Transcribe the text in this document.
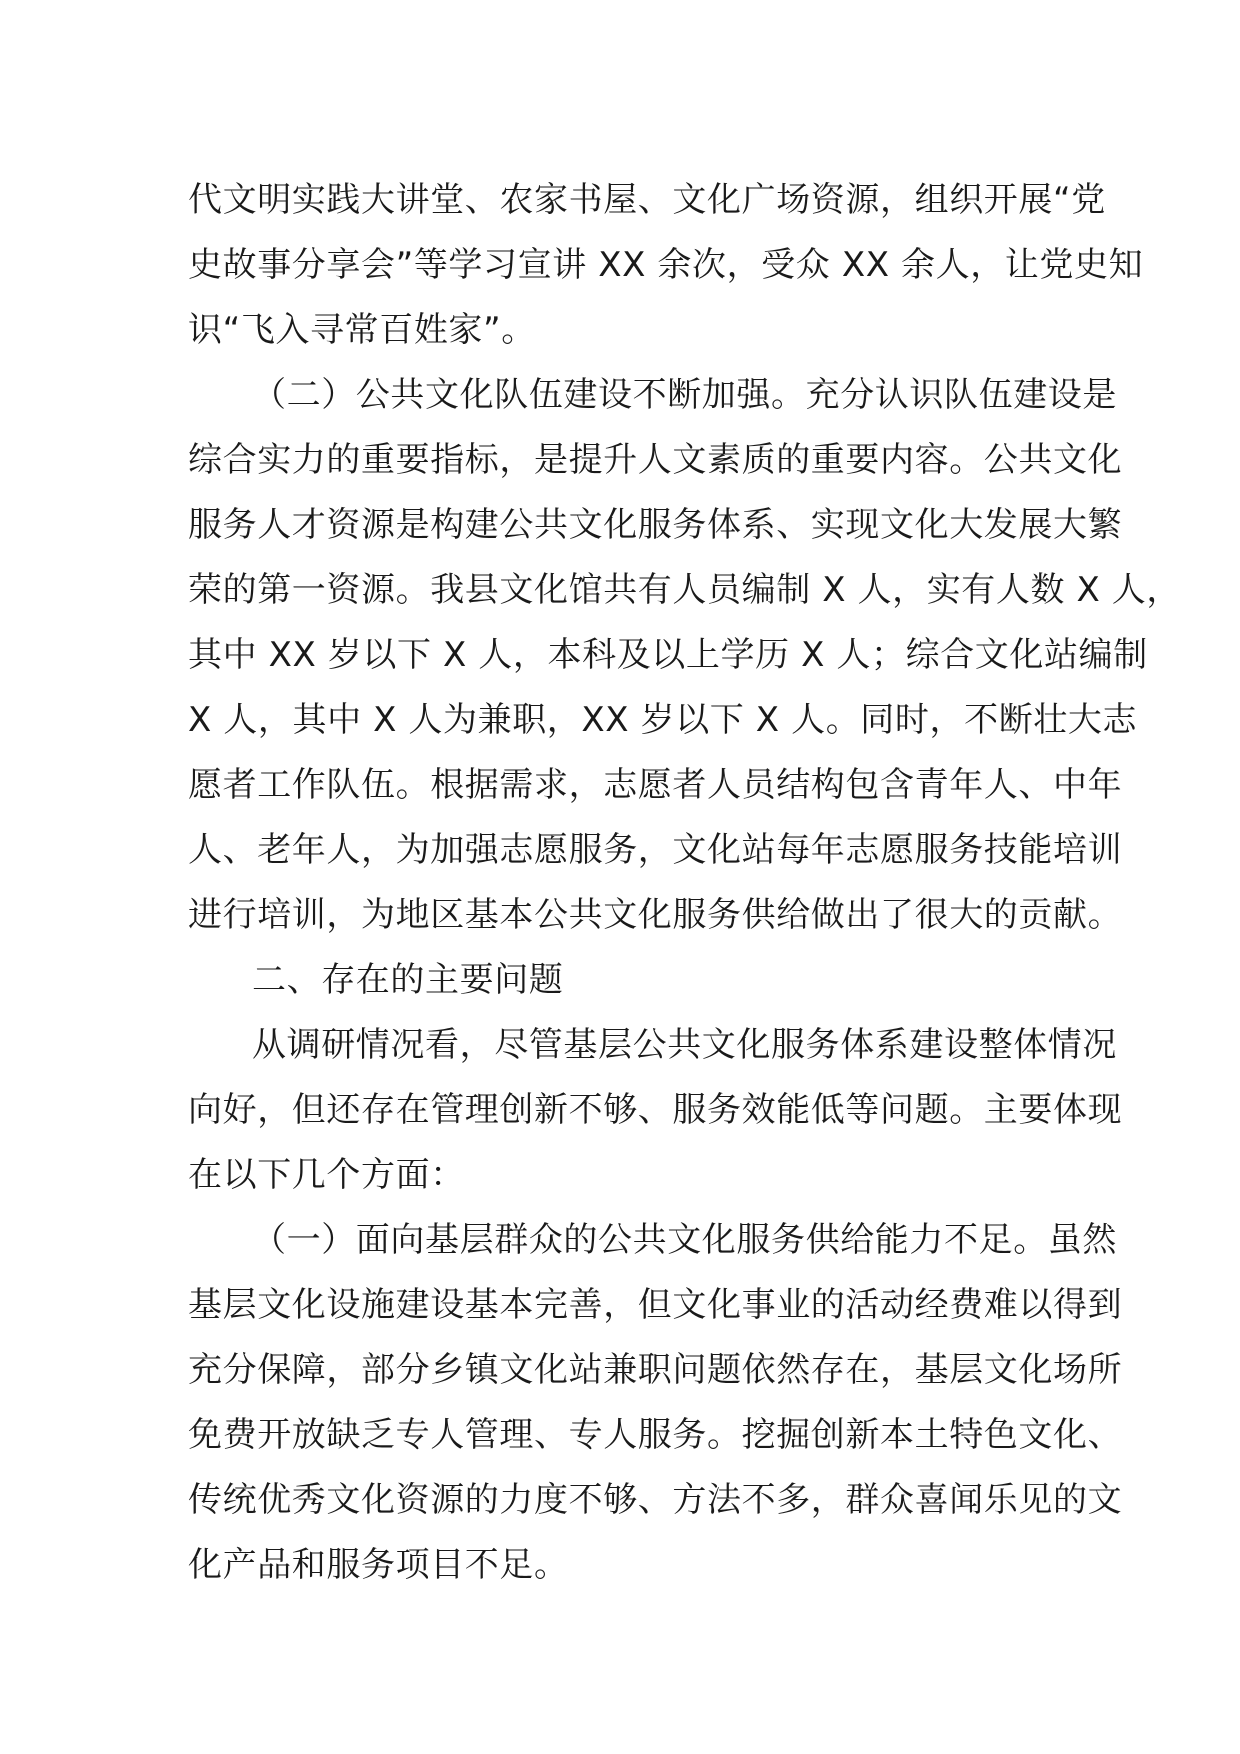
代文明实践大讲堂、农家书屋、文化广场资源，组织开展“党
史故事分享会”等学习宣讲 XX 余次，受众 XX 余人，让党史知
识“飞入寻常百姓家”。
（二）公共文化队伍建设不断加强。充分认识队伍建设是
综合实力的重要指标，是提升人文素质的重要内容。公共文化
服务人才资源是构建公共文化服务体系、实现文化大发展大繁
荣的第一资源。我县文化馆共有人员编制 X 人，实有人数 X 人，
其中 XX 岁以下 X 人，本科及以上学历 X 人；综合文化站编制
X 人，其中 X 人为兼职，XX 岁以下 X 人。同时，不断壮大志
愿者工作队伍。根据需求，志愿者人员结构包含青年人、中年
人、老年人，为加强志愿服务，文化站每年志愿服务技能培训
进行培训，为地区基本公共文化服务供给做出了很大的贡献。
二、存在的主要问题
从调研情况看，尽管基层公共文化服务体系建设整体情况
向好，但还存在管理创新不够、服务效能低等问题。主要体现
在以下几个方面：
（一）面向基层群众的公共文化服务供给能力不足。虽然
基层文化设施建设基本完善，但文化事业的活动经费难以得到
充分保障，部分乡镇文化站兼职问题依然存在，基层文化场所
免费开放缺乏专人管理、专人服务。挖掘创新本土特色文化、
传统优秀文化资源的力度不够、方法不多，群众喜闻乐见的文
化产品和服务项目不足。
